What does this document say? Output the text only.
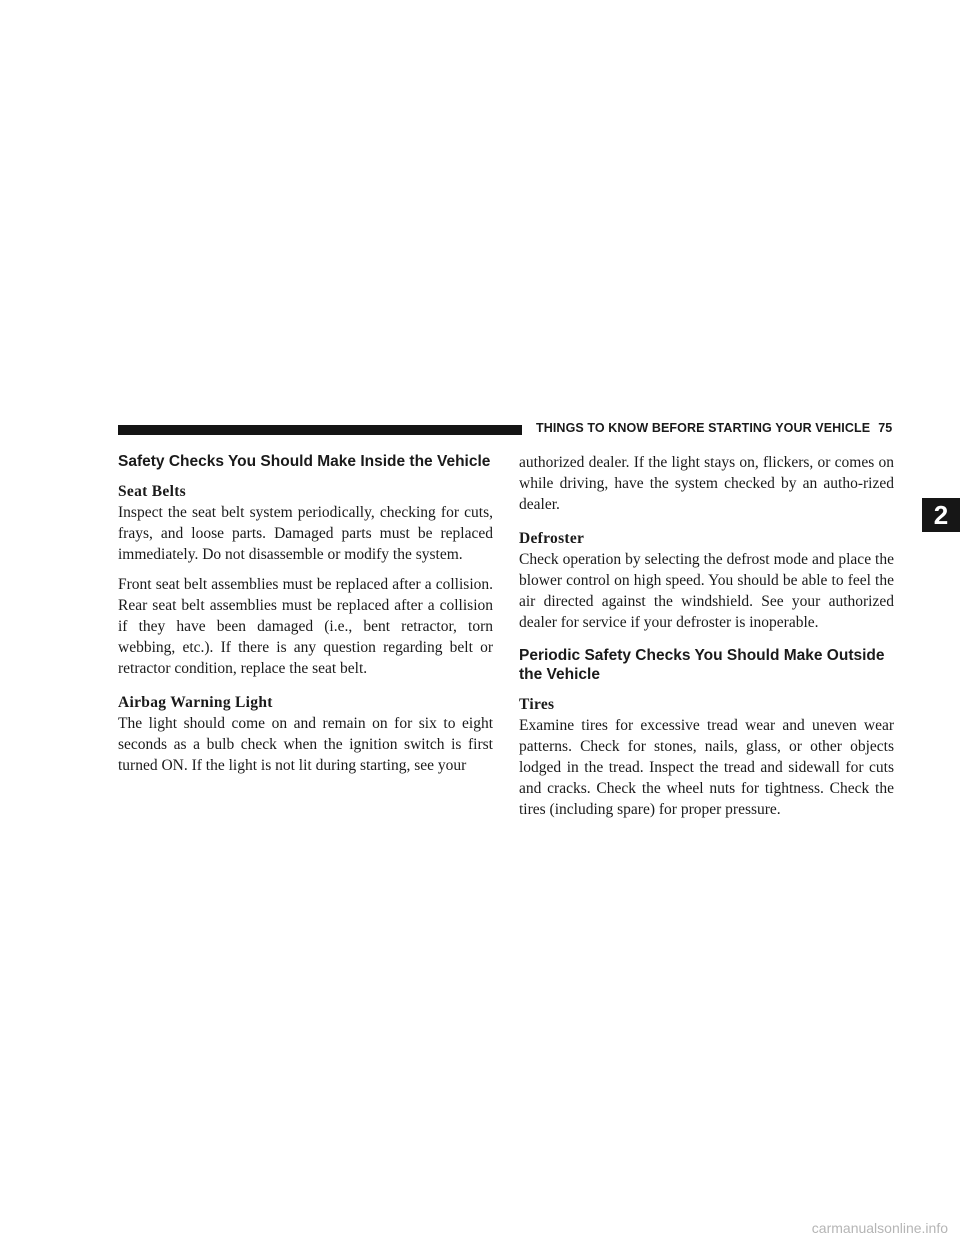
THINGS TO KNOW BEFORE STARTING YOUR VEHICLE 75
2
Safety Checks You Should Make Inside the Vehicle
Seat Belts

Inspect the seat belt system periodically, checking for cuts, frays, and loose parts. Damaged parts must be replaced immediately. Do not disassemble or modify the system.

Front seat belt assemblies must be replaced after a collision. Rear seat belt assemblies must be replaced after a collision if they have been damaged (i.e., bent retractor, torn webbing, etc.). If there is any question regarding belt or retractor condition, replace the seat belt.

Airbag Warning Light

The light should come on and remain on for six to eight seconds as a bulb check when the ignition switch is first turned ON. If the light is not lit during starting, see your

authorized dealer. If the light stays on, flickers, or comes on while driving, have the system checked by an autho-rized dealer.

Defroster

Check operation by selecting the defrost mode and place the blower control on high speed. You should be able to feel the air directed against the windshield. See your authorized dealer for service if your defroster is inoperable.

Periodic Safety Checks You Should Make Outside the Vehicle
Tires

Examine tires for excessive tread wear and uneven wear patterns. Check for stones, nails, glass, or other objects lodged in the tread. Inspect the tread and sidewall for cuts and cracks. Check the wheel nuts for tightness. Check the tires (including spare) for proper pressure.

carmanualsonline.info
